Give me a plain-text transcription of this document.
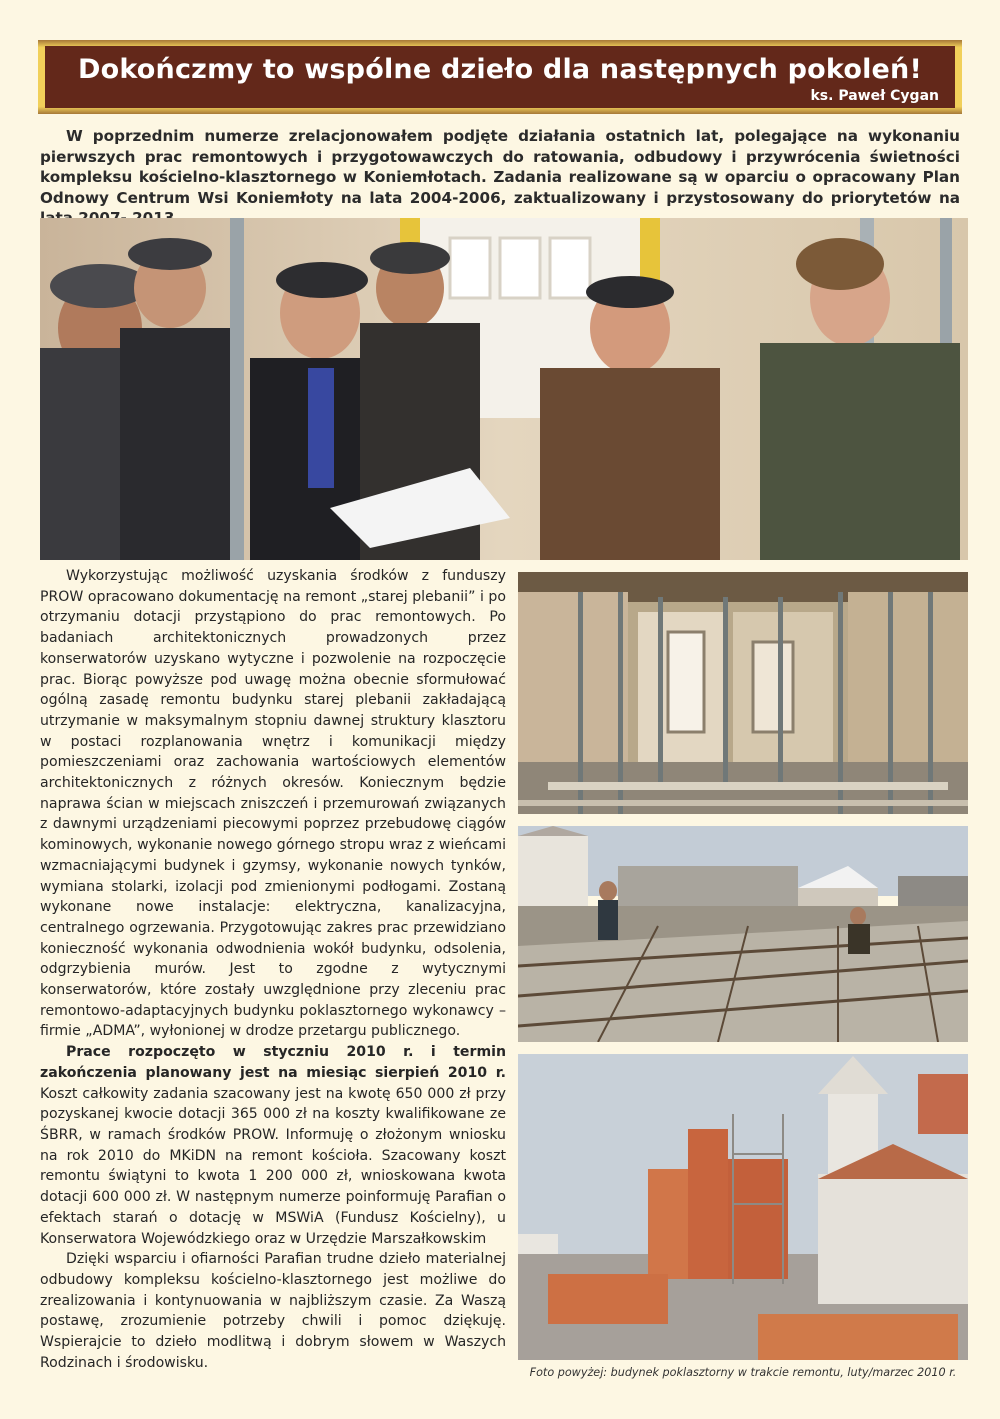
Dokończmy to wspólne dzieło dla następnych pokoleń!
ks. Paweł Cygan
W poprzednim numerze zrelacjonowałem podjęte działania ostatnich lat, polegające na wykonaniu pierwszych prac remontowych i przygotowawczych do ratowania, odbudowy i przywrócenia świetności kompleksu kościelno-klasztornego w Koniemłotach. Zadania realizowane są w oparciu o opracowany Plan Odnowy Centrum Wsi Koniemłoty na lata 2004-2006, zaktualizowany i przystosowany do priorytetów na

Wykorzystując możliwość uzyskania środków z funduszy PROW opracowano dokumentację na remont „starej plebanii” i po otrzymaniu dotacji przystąpiono do prac remontowych. Po badaniach architektonicznych prowadzonych przez konserwatorów uzyskano wytyczne i pozwolenie na rozpoczęcie prac. Biorąc powyższe pod uwagę można obecnie sformułować ogólną zasadę remontu budynku starej plebanii zakładającą utrzymanie w maksymalnym stopniu dawnej struktury klasztoru w postaci rozplanowania wnętrz i komunikacji między pomieszczeniami oraz zachowania wartościowych elementów architektonicznych z różnych okresów. Koniecznym będzie naprawa ścian w miejscach zniszczeń i przemurowań związanych z dawnymi urządzeniami piecowymi poprzez przebudowę ciągów kominowych, wykonanie nowego górnego stropu wraz z wieńcami wzmacniającymi budynek i gzymsy, wykonanie nowych tynków, wymiana stolarki, izolacji pod zmienionymi podłogami. Zostaną wykonane nowe instalacje: elektryczna, kanalizacyjna, centralnego ogrzewania. Przygotowując zakres prac przewidziano konieczność wykonania odwodnienia wokół budynku, odsolenia, odgrzybienia murów. Jest to zgodne z wytycznymi konserwatorów, które zostały uwzględnione przy zleceniu prac remontowo-adaptacyjnych budynku poklasztornego wykonawcy – firmie „ADMA”, wyłonionej w drodze przetargu publicznego.

Prace rozpoczęto w styczniu 2010 r. i termin zakończenia planowany jest na miesiąc sierpień 2010 r. Koszt całkowity zadania szacowany jest na kwotę 650 000 zł przy pozyskanej kwocie dotacji 365 000 zł na koszty kwalifikowane ze ŚBRR, w ramach środków PROW. Informuję o złożonym wniosku na rok 2010 do MKiDN na remont kościoła. Szacowany koszt remontu świątyni to kwota 1 200 000 zł, wnioskowana kwota dotacji 600 000 zł. W następnym numerze poinformuję Parafian o efektach starań o dotację w MSWiA (Fundusz Kościelny), u Konserwatora Wojewódzkiego oraz w Urzędzie Marszałkowskim

Dzięki wsparciu i ofiarności Parafian trudne dzieło materialnej odbudowy kompleksu kościelno-klasztornego jest możliwe do zrealizowania i kontynuowania w najbliższym czasie. Za Waszą postawę, zrozumienie potrzeby chwili i pomoc dziękuję. Wspierajcie to dzieło modlitwą i dobrym słowem w Waszych Rodzinach i środowisku.

Foto powyżej: budynek poklasztorny w trakcie remontu, luty/marzec 2010 r.
